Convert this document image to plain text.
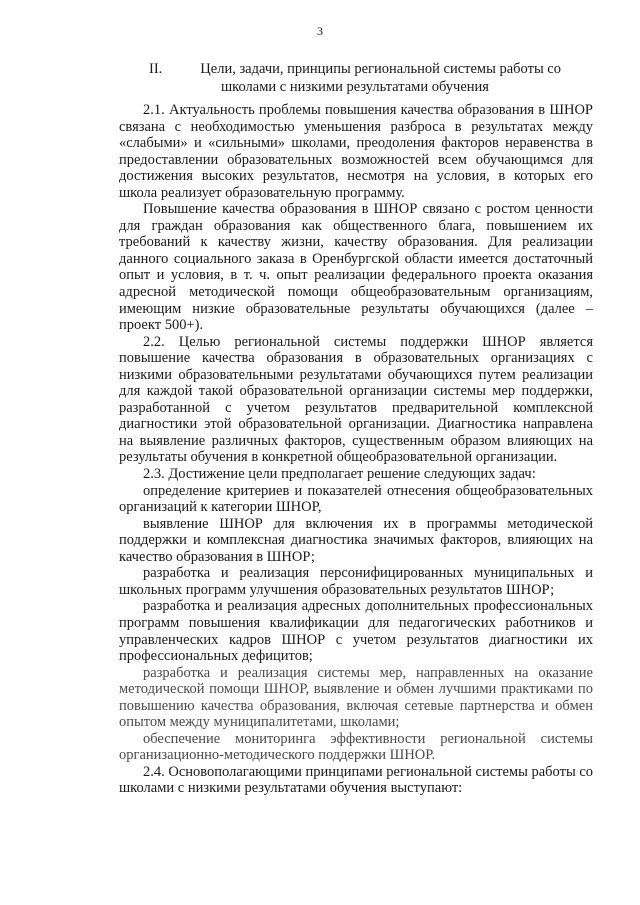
3
II.	Цели, задачи, принципы региональной системы работы со школами с низкими результатами обучения

2.1. Актуальность проблемы повышения качества образования в ШНОР связана с необходимостью уменьшения разброса в результатах между «слабыми» и «сильными» школами, преодоления факторов неравенства в предоставлении образовательных возможностей всем обучающимся для достижения высоких результатов, несмотря на условия, в которых его школа реализует образовательную программу.

Повышение качества образования в ШНОР связано с ростом ценности для граждан образования как общественного блага, повышением их требований к качеству жизни, качеству образования. Для реализации данного социального заказа в Оренбургской области имеется достаточный опыт и условия, в т. ч. опыт реализации федерального проекта оказания адресной методической помощи общеобразовательным организациям, имеющим низкие образовательные результаты обучающихся (далее – проект 500+).

2.2. Целью региональной системы поддержки ШНОР является повышение качества образования в образовательных организациях с низкими образовательными результатами обучающихся путем реализации для каждой такой образовательной организации системы мер поддержки, разработанной с учетом результатов предварительной комплексной диагностики этой образовательной организации. Диагностика направлена на выявление различных факторов, существенным образом влияющих на результаты обучения в конкретной общеобразовательной организации.

2.3. Достижение цели предполагает решение следующих задач:

определение критериев и показателей отнесения общеобразовательных организаций к категории ШНОР,

выявление ШНОР для включения их в программы методической поддержки и комплексная диагностика значимых факторов, влияющих на качество образования в ШНОР;

разработка и реализация персонифицированных муниципальных и школьных программ улучшения образовательных результатов ШНОР;

разработка и реализация адресных дополнительных профессиональных программ повышения квалификации для педагогических работников и управленческих кадров ШНОР с учетом результатов диагностики их профессиональных дефицитов;

разработка и реализация системы мер, направленных на оказание методической помощи ШНОР, выявление и обмен лучшими практиками по повышению качества образования, включая сетевые партнерства и обмен опытом между муниципалитетами, школами;

обеспечение мониторинга эффективности региональной системы организационно-методического поддержки ШНОР.

2.4. Основополагающими принципами региональной системы работы со школами с низкими результатами обучения выступают:
